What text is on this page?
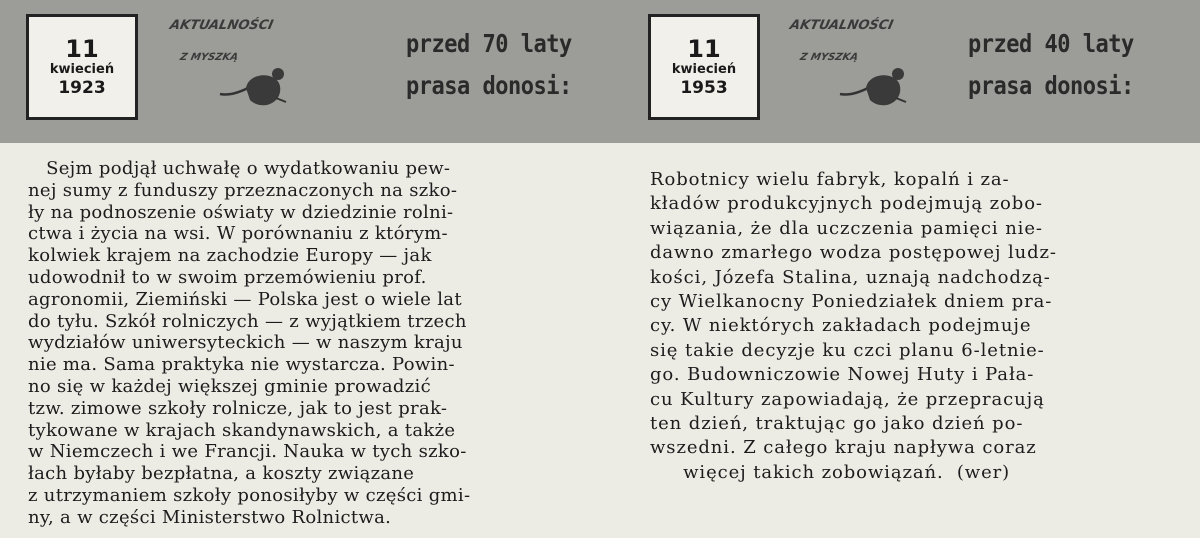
11
kwiecień
1923
AKTUALNOŚCI
Z MYSZKĄ	przed 70 laty
prasa donosi:
11
kwiecień
1953
AKTUALNOŚCI
Z MYSZKĄ	przed 40 laty
prasa donosi:
Sejm podjął uchwałę o wydatkowaniu pew-
nej sumy z funduszy przeznaczonych na szko-
ły na podnoszenie oświaty w dziedzinie rolni-
ctwa i życia na wsi. W porównaniu z którym-
kolwiek krajem na zachodzie Europy — jak
udowodnił to w swoim przemówieniu prof.
agronomii, Ziemiński — Polska jest o wiele lat
do tyłu. Szkół rolniczych — z wyjątkiem trzech
wydziałów uniwersyteckich — w naszym kraju
nie ma. Sama praktyka nie wystarcza. Powin-
no się w każdej większej gminie prowadzić
tzw. zimowe szkoły rolnicze, jak to jest prak-
tykowane w krajach skandynawskich, a także
w Niemczech i we Francji. Nauka w tych szko-
łach byłaby bezpłatna, a koszty związane
z utrzymaniem szkoły ponosiłyby w części gmi-
ny, a w części Ministerstwo Rolnictwa.
Robotnicy wielu fabryk, kopalń i za-
kładów produkcyjnych podejmują zobo-
wiązania, że dla uczczenia pamięci nie-
dawno zmarłego wodza postępowej ludz-
kości, Józefa Stalina, uznają nadchodzą-
cy Wielkanocny Poniedziałek dniem pra-
cy. W niektórych zakładach podejmuje
się takie decyzje ku czci planu 6-letnie-
go. Budowniczowie Nowej Huty i Pała-
cu Kultury zapowiadają, że przepracują
ten dzień, traktując go jako dzień po-
wszedni. Z całego kraju napływa coraz
więcej takich zobowiązań.  (wer)
